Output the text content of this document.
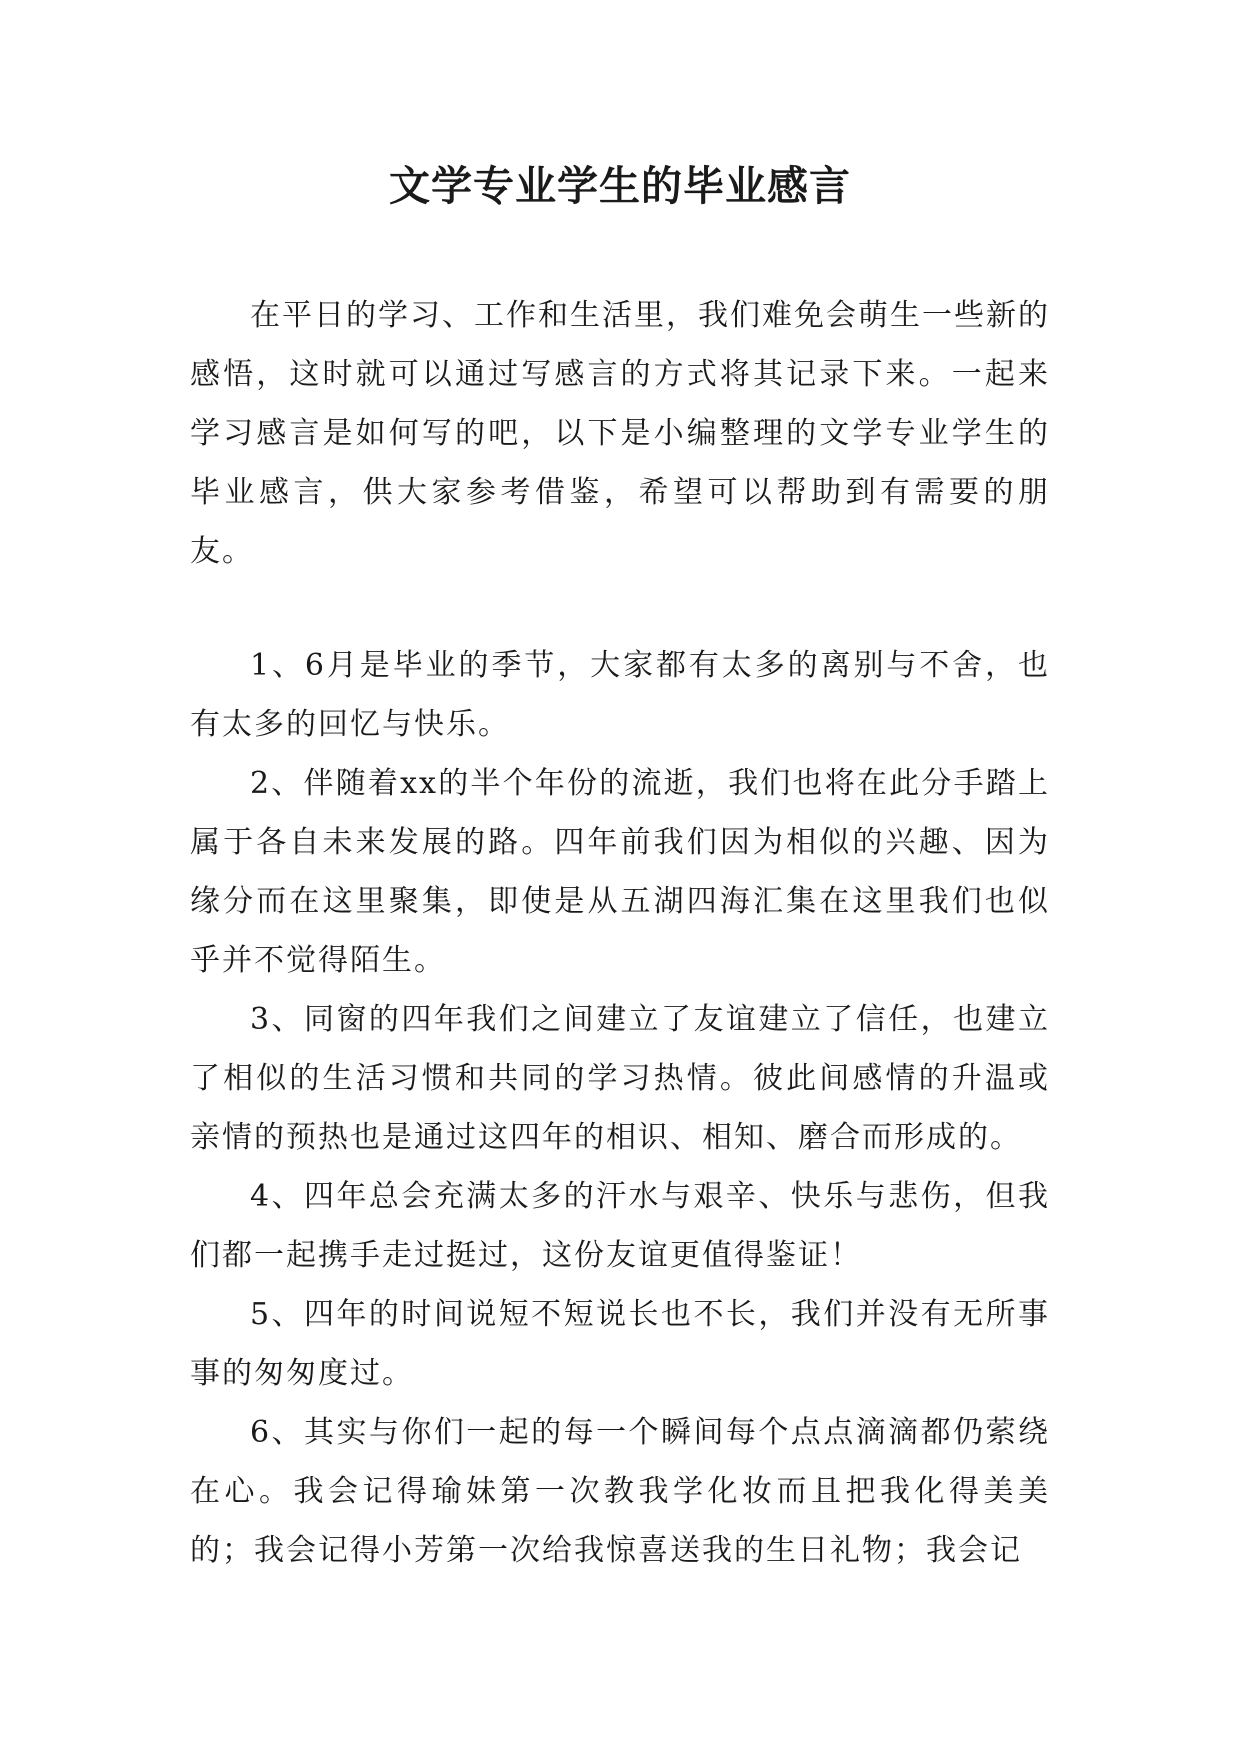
文学专业学生的毕业感言

在平日的学习、工作和生活里，我们难免会萌生一些新的感悟，这时就可以通过写感言的方式将其记录下来。一起来学习感言是如何写的吧，以下是小编整理的文学专业学生的毕业感言，供大家参考借鉴，希望可以帮助到有需要的朋友。

1、6月是毕业的季节，大家都有太多的离别与不舍，也有太多的回忆与快乐。

2、伴随着xx的半个年份的流逝，我们也将在此分手踏上属于各自未来发展的路。四年前我们因为相似的兴趣、因为缘分而在这里聚集，即使是从五湖四海汇集在这里我们也似乎并不觉得陌生。

3、同窗的四年我们之间建立了友谊建立了信任，也建立了相似的生活习惯和共同的学习热情。彼此间感情的升温或亲情的预热也是通过这四年的相识、相知、磨合而形成的。

4、四年总会充满太多的汗水与艰辛、快乐与悲伤，但我们都一起携手走过挺过，这份友谊更值得鉴证！

5、四年的时间说短不短说长也不长，我们并没有无所事事的匆匆度过。

6、其实与你们一起的每一个瞬间每个点点滴滴都仍萦绕在心。我会记得瑜妹第一次教我学化妆而且把我化得美美的；我会记得小芳第一次给我惊喜送我的生日礼物；我会记
